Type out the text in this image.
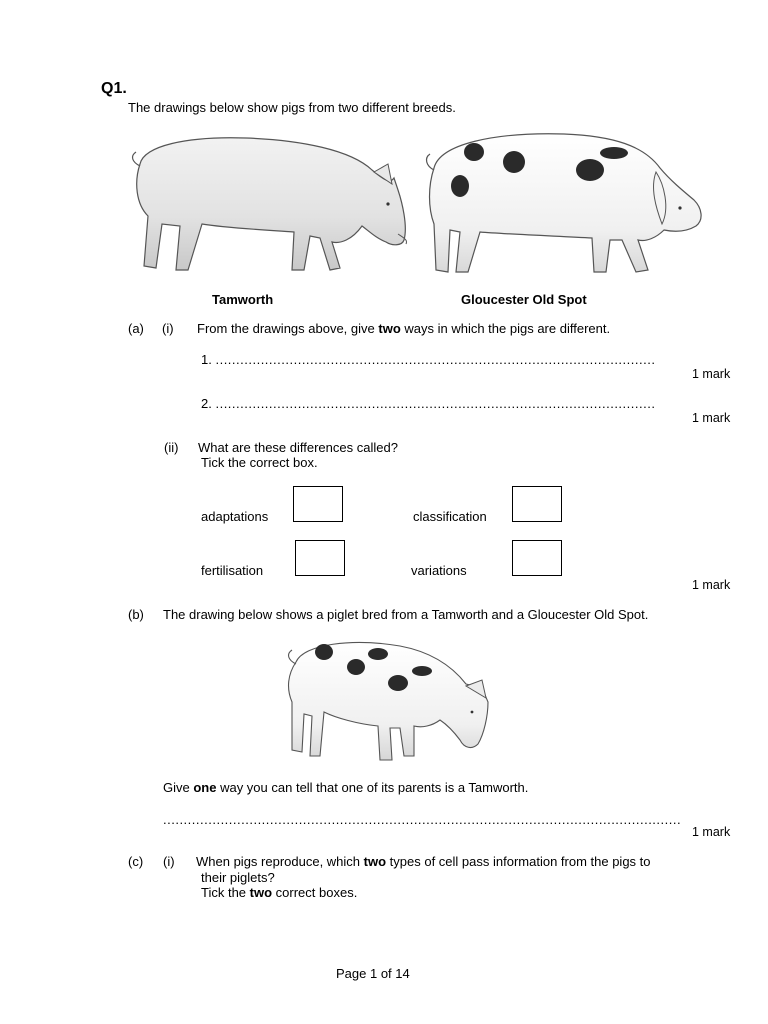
Q1.
The drawings below show pigs from two different breeds.
Tamworth	Gloucester Old Spot
(a) (i) From the drawings above, give two ways in which the pigs are different.
1. ...........................................................................................................
1 mark
2. ...........................................................................................................
1 mark
(ii) What are these differences called?
Tick the correct box.
adaptations	classification
fertilisation	variations
1 mark
(b) The drawing below shows a piglet bred from a Tamworth and a Gloucester Old Spot.
Give one way you can tell that one of its parents is a Tamworth.
..............................................................................................................................
1 mark
(c) (i) When pigs reproduce, which two types of cell pass information from the pigs to
their piglets?
Tick the two correct boxes.
Page 1 of 14
